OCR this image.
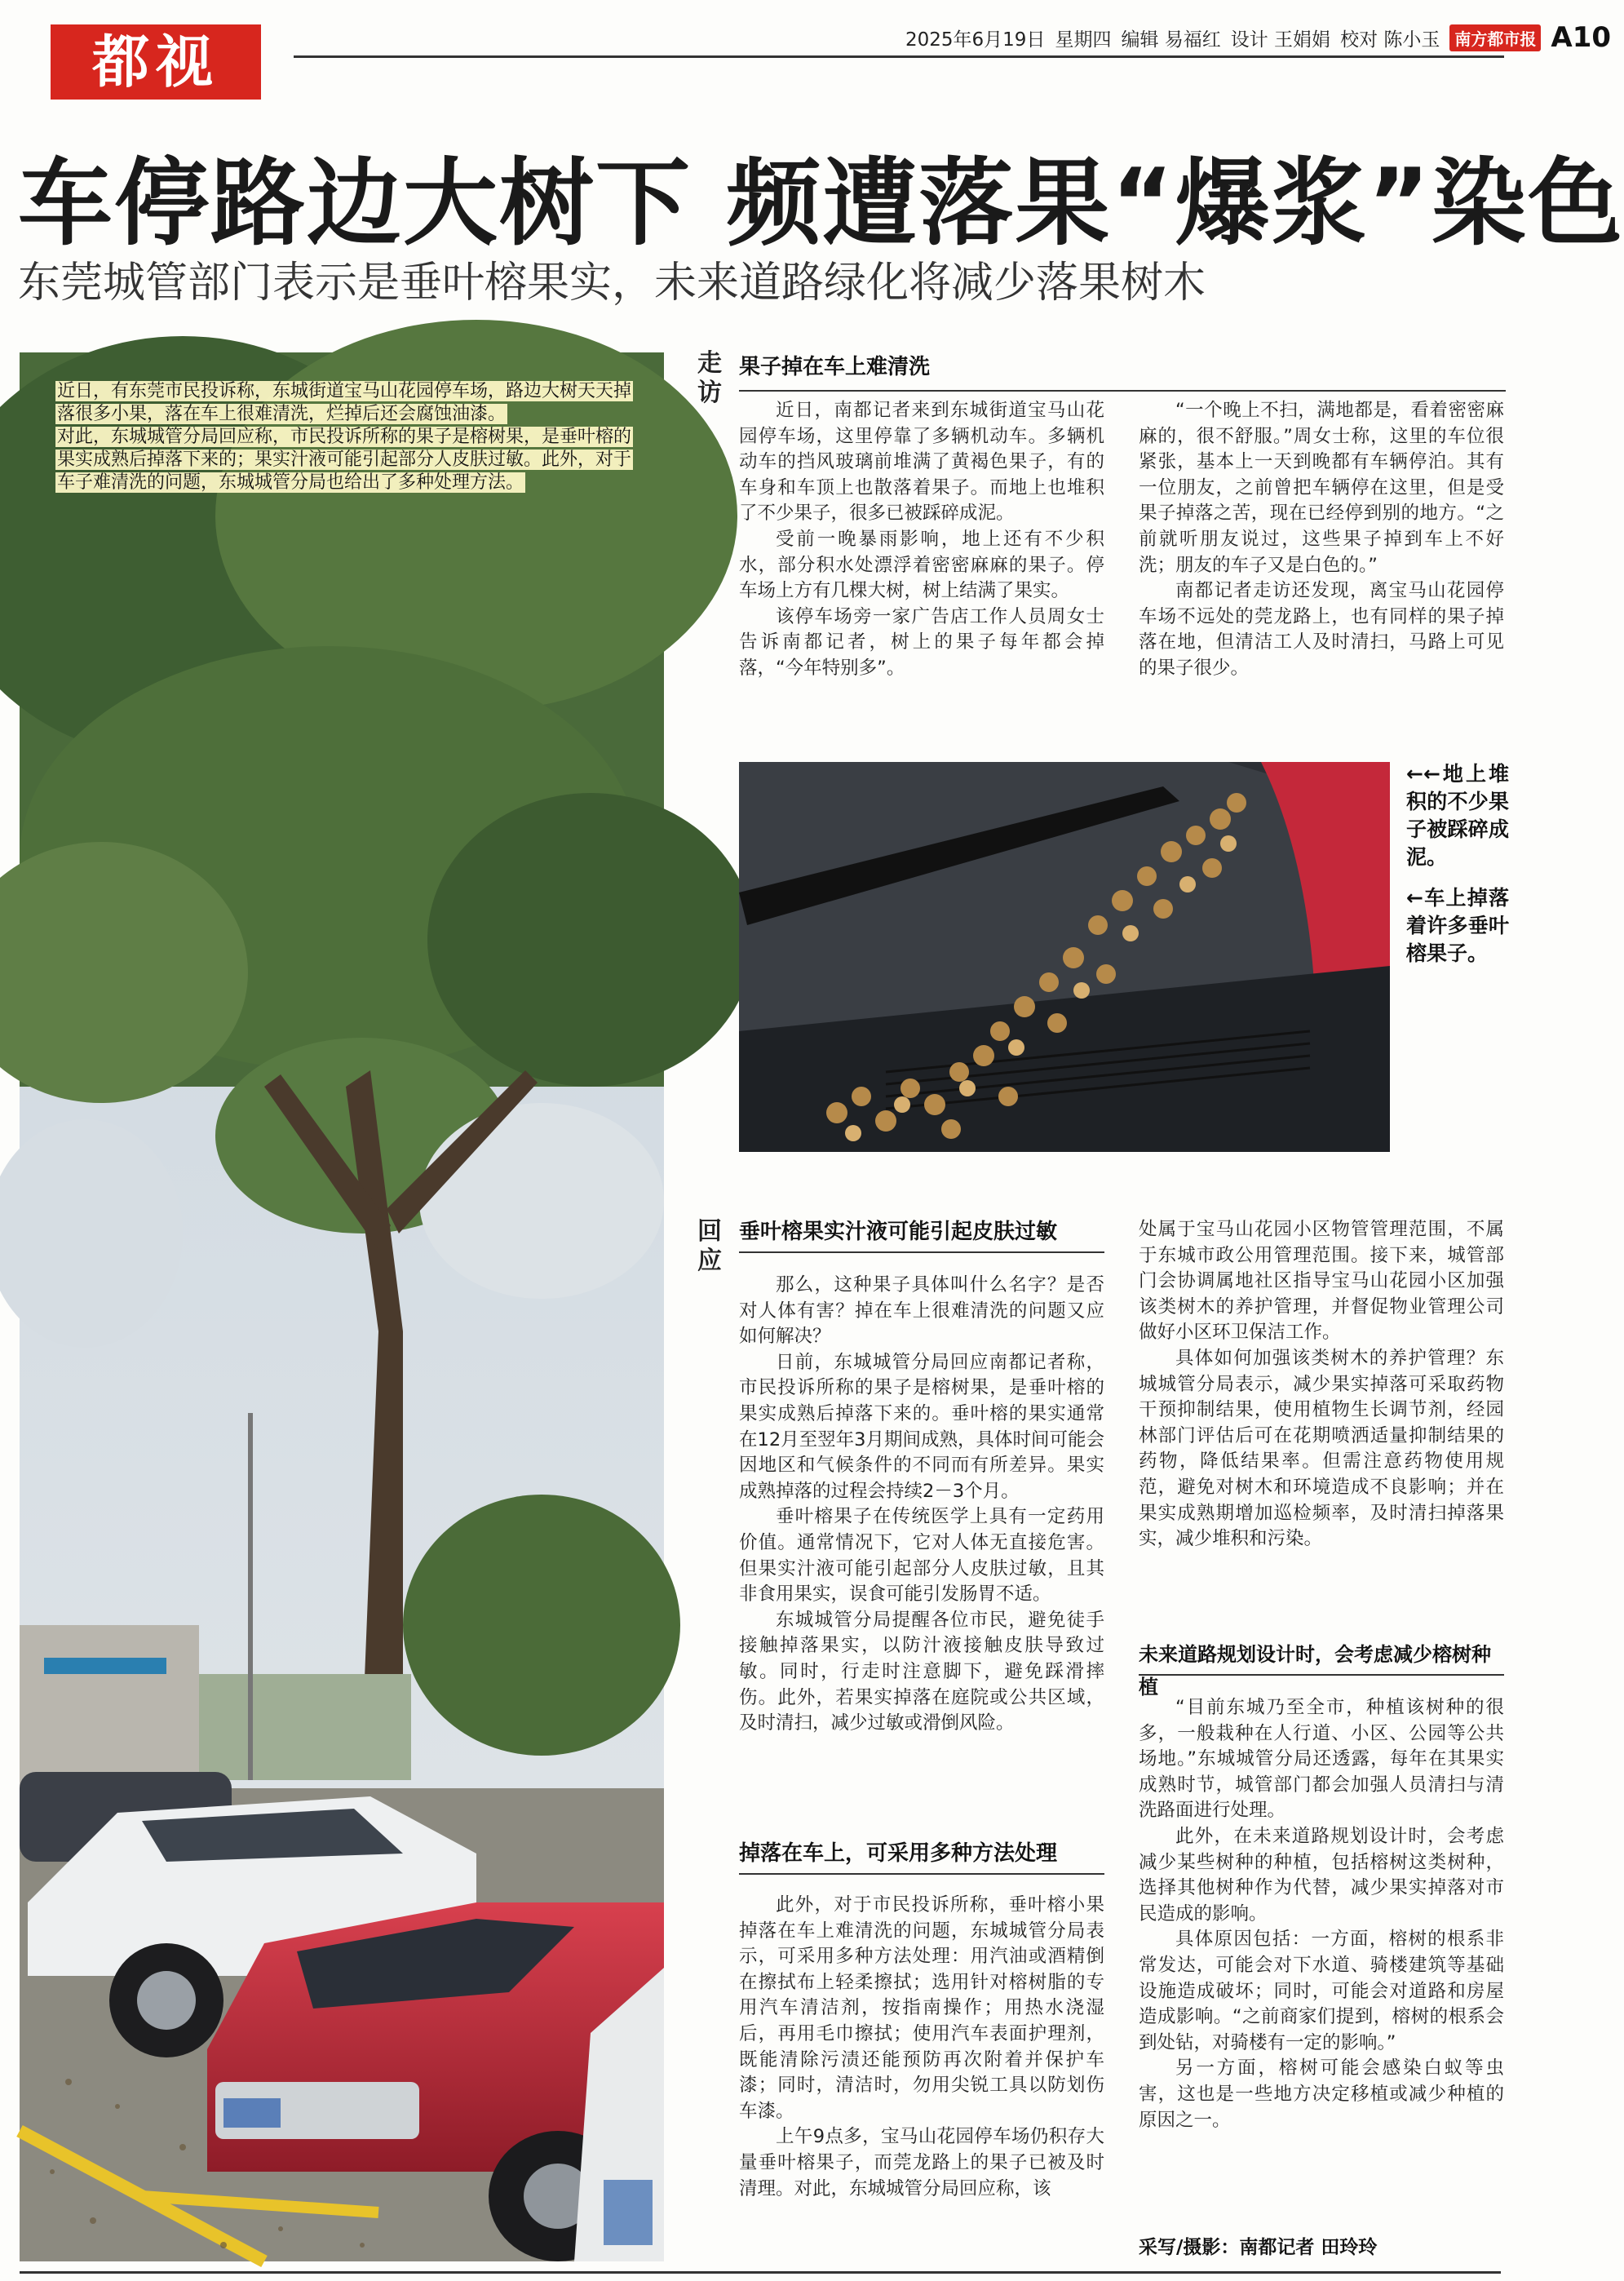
都视	2025年6月19日 星期四 编辑 易福红 设计 王娟娟 校对 陈小玉 南方都市报 A10
车停路边大树下 频遭落果“爆浆”染色
东莞城管部门表示是垂叶榕果实，未来道路绿化将减少落果树木
近日，有东莞市民投诉称，东城街道宝马山花园停车场，路边大树天天掉落很多小果，落在车上很难清洗，烂掉后还会腐蚀油漆。
对此，东城城管分局回应称，市民投诉所称的果子是榕树果，是垂叶榕的果实成熟后掉落下来的；果实汁液可能引起部分人皮肤过敏。此外，对于车子难清洗的问题，东城城管分局也给出了多种处理方法。
走访
果子掉在车上难清洗

近日，南都记者来到东城街道宝马山花园停车场，这里停靠了多辆机动车。多辆机动车的挡风玻璃前堆满了黄褐色果子，有的车身和车顶上也散落着果子。而地上也堆积了不少果子，很多已被踩碎成泥。

受前一晚暴雨影响，地上还有不少积水，部分积水处漂浮着密密麻麻的果子。停车场上方有几棵大树，树上结满了果实。

该停车场旁一家广告店工作人员周女士告诉南都记者，树上的果子每年都会掉落，“今年特别多”。

“一个晚上不扫，满地都是，看着密密麻麻的，很不舒服。”周女士称，这里的车位很紧张，基本上一天到晚都有车辆停泊。其有一位朋友，之前曾把车辆停在这里，但是受果子掉落之苦，现在已经停到别的地方。“之前就听朋友说过，这些果子掉到车上不好洗；朋友的车子又是白色的。”

南都记者走访还发现，离宝马山花园停车场不远处的莞龙路上，也有同样的果子掉落在地，但清洁工人及时清扫，马路上可见的果子很少。

←←地上堆积的不少果子被踩碎成泥。

←车上掉落着许多垂叶榕果子。

回应
垂叶榕果实汁液可能引起皮肤过敏

那么，这种果子具体叫什么名字？是否对人体有害？掉在车上很难清洗的问题又应如何解决？

日前，东城城管分局回应南都记者称，市民投诉所称的果子是榕树果，是垂叶榕的果实成熟后掉落下来的。垂叶榕的果实通常在12月至翌年3月期间成熟，具体时间可能会因地区和气候条件的不同而有所差异。果实成熟掉落的过程会持续2－3个月。

垂叶榕果子在传统医学上具有一定药用价值。通常情况下，它对人体无直接危害。但果实汁液可能引起部分人皮肤过敏，且其非食用果实，误食可能引发肠胃不适。

东城城管分局提醒各位市民，避免徒手接触掉落果实，以防汁液接触皮肤导致过敏。同时，行走时注意脚下，避免踩滑摔伤。此外，若果实掉落在庭院或公共区域，及时清扫，减少过敏或滑倒风险。

掉落在车上，可采用多种方法处理

此外，对于市民投诉所称，垂叶榕小果掉落在车上难清洗的问题，东城城管分局表示，可采用多种方法处理：用汽油或酒精倒在擦拭布上轻柔擦拭；选用针对榕树脂的专用汽车清洁剂，按指南操作；用热水浇湿后，再用毛巾擦拭；使用汽车表面护理剂，既能清除污渍还能预防再次附着并保护车漆；同时，清洁时，勿用尖锐工具以防划伤车漆。

上午9点多，宝马山花园停车场仍积存大量垂叶榕果子，而莞龙路上的果子已被及时清理。对此，东城城管分局回应称，该

处属于宝马山花园小区物管管理范围，不属于东城市政公用管理范围。接下来，城管部门会协调属地社区指导宝马山花园小区加强该类树木的养护管理，并督促物业管理公司做好小区环卫保洁工作。

具体如何加强该类树木的养护管理？东城城管分局表示，减少果实掉落可采取药物干预抑制结果，使用植物生长调节剂，经园林部门评估后可在花期喷洒适量抑制结果的药物，降低结果率。但需注意药物使用规范，避免对树木和环境造成不良影响；并在果实成熟期增加巡检频率，及时清扫掉落果实，减少堆积和污染。

未来道路规划设计时，会考虑减少榕树种植

“目前东城乃至全市，种植该树种的很多，一般栽种在人行道、小区、公园等公共场地。”东城城管分局还透露，每年在其果实成熟时节，城管部门都会加强人员清扫与清洗路面进行处理。

此外，在未来道路规划设计时，会考虑减少某些树种的种植，包括榕树这类树种，选择其他树种作为代替，减少果实掉落对市民造成的影响。

具体原因包括：一方面，榕树的根系非常发达，可能会对下水道、骑楼建筑等基础设施造成破坏；同时，可能会对道路和房屋造成影响。“之前商家们提到，榕树的根系会到处钻，对骑楼有一定的影响。”

另一方面，榕树可能会感染白蚁等虫害，这也是一些地方决定移植或减少种植的原因之一。

采写/摄影：南都记者 田玲玲
